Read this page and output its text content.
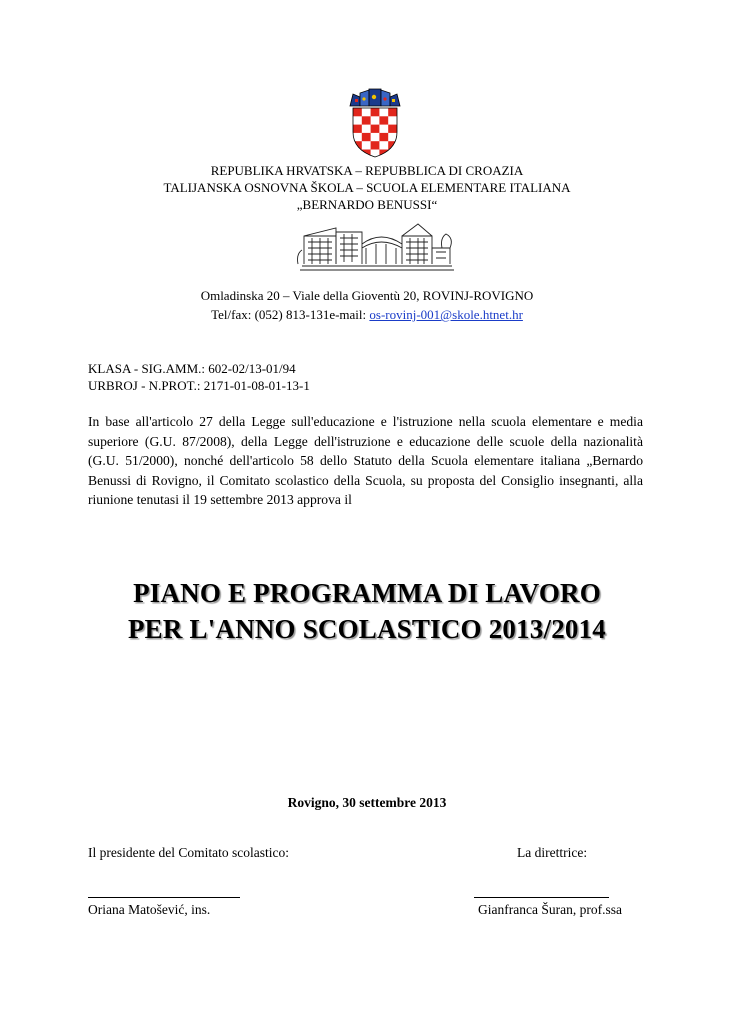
REPUBLIKA HRVATSKA – REPUBBLICA DI CROAZIA
TALIJANSKA OSNOVNA ŠKOLA – SCUOLA ELEMENTARE ITALIANA
„BERNARDO BENUSSI“
Omladinska 20 – Viale della Gioventù 20, ROVINJ-ROVIGNO
Tel/fax: (052) 813-131e-mail: os-rovinj-001@skole.htnet.hr
KLASA - SIG.AMM.: 602-02/13-01/94
URBROJ - N.PROT.: 2171-01-08-01-13-1
In base all'articolo 27 della Legge sull'educazione e l'istruzione nella scuola elementare e media superiore (G.U. 87/2008), della Legge dell'istruzione e educazione delle scuole della nazionalità (G.U. 51/2000), nonché dell'articolo 58 dello Statuto della Scuola elementare italiana „Bernardo Benussi di Rovigno, il Comitato scolastico della Scuola, su proposta del Consiglio insegnanti, alla riunione tenutasi il 19 settembre 2013 approva il
PIANO E PROGRAMMA DI LAVORO
PER L'ANNO SCOLASTICO 2013/2014
Rovigno, 30 settembre 2013
Il presidente del Comitato scolastico:	La direttrice:
Oriana Matošević, ins.	Gianfranca Šuran, prof.ssa
